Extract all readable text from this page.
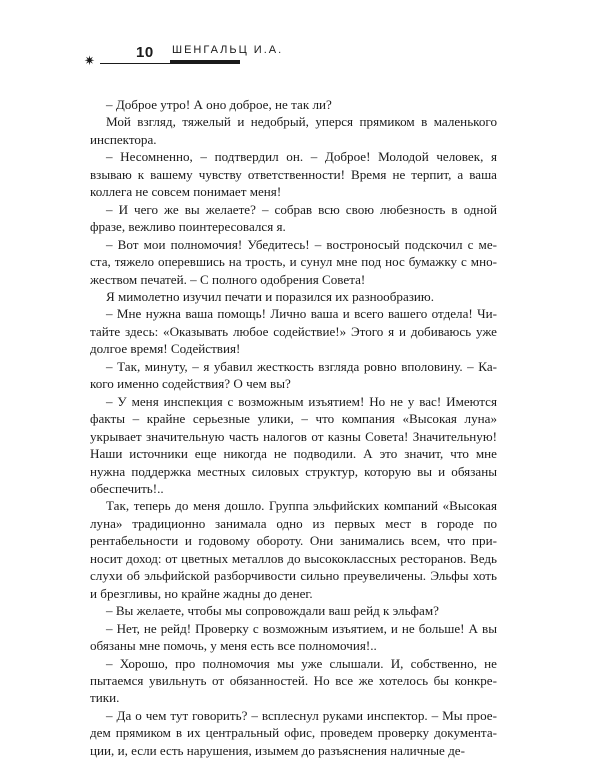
✷	10 ШЕНГАЛЬЦ И.А.

– Доброе утро! А оно доброе, не так ли?

Мой взгляд, тяжелый и недобрый, уперся прямиком в маленького инспектора.

– Несомненно, – подтвердил он. – Доброе! Молодой человек, я взываю к вашему чувству ответственности! Время не терпит, а ваша коллега не совсем понимает меня!

– И чего же вы желаете? – собрав всю свою любезность в одной фразе, вежливо поинтересовался я.

– Вот мои полномочия! Убедитесь! – востроносый подскочил с места, тяжело оперевшись на трость, и сунул мне под нос бумажку с множеством печатей. – С полного одобрения Совета!

Я мимолетно изучил печати и поразился их разнообразию.

– Мне нужна ваша помощь! Лично ваша и всего вашего отдела! Читайте здесь: «Оказывать любое содействие!» Этого я и добиваюсь уже долгое время! Содействия!

– Так, минуту, – я убавил жесткость взгляда ровно вполовину. – Какого именно содействия? О чем вы?

– У меня инспекция с возможным изъятием! Но не у вас! Имеются факты – крайне серьезные улики, – что компания «Высокая луна» укрывает значительную часть налогов от казны Совета! Значительную! Наши источники еще никогда не подводили. А это значит, что мне нужна поддержка местных силовых структур, которую вы и обязаны обеспечить!..

Так, теперь до меня дошло. Группа эльфийских компаний «Высокая луна» традиционно занимала одно из первых мест в городе по рентабельности и годовому обороту. Они занимались всем, что приносит доход: от цветных металлов до высококлассных ресторанов. Ведь слухи об эльфийской разборчивости сильно преувеличены. Эльфы хоть и брезгливы, но крайне жадны до денег.

– Вы желаете, чтобы мы сопровождали ваш рейд к эльфам?

– Нет, не рейд! Проверку с возможным изъятием, и не больше! А вы обязаны мне помочь, у меня есть все полномочия!..

– Хорошо, про полномочия мы уже слышали. И, собственно, не пытаемся увильнуть от обязанностей. Но все же хотелось бы конкретики.

– Да о чем тут говорить? – всплеснул руками инспектор. – Мы проедем прямиком в их центральный офис, проведем проверку документации, и, если есть нарушения, изымем до разъяснения наличные де-
